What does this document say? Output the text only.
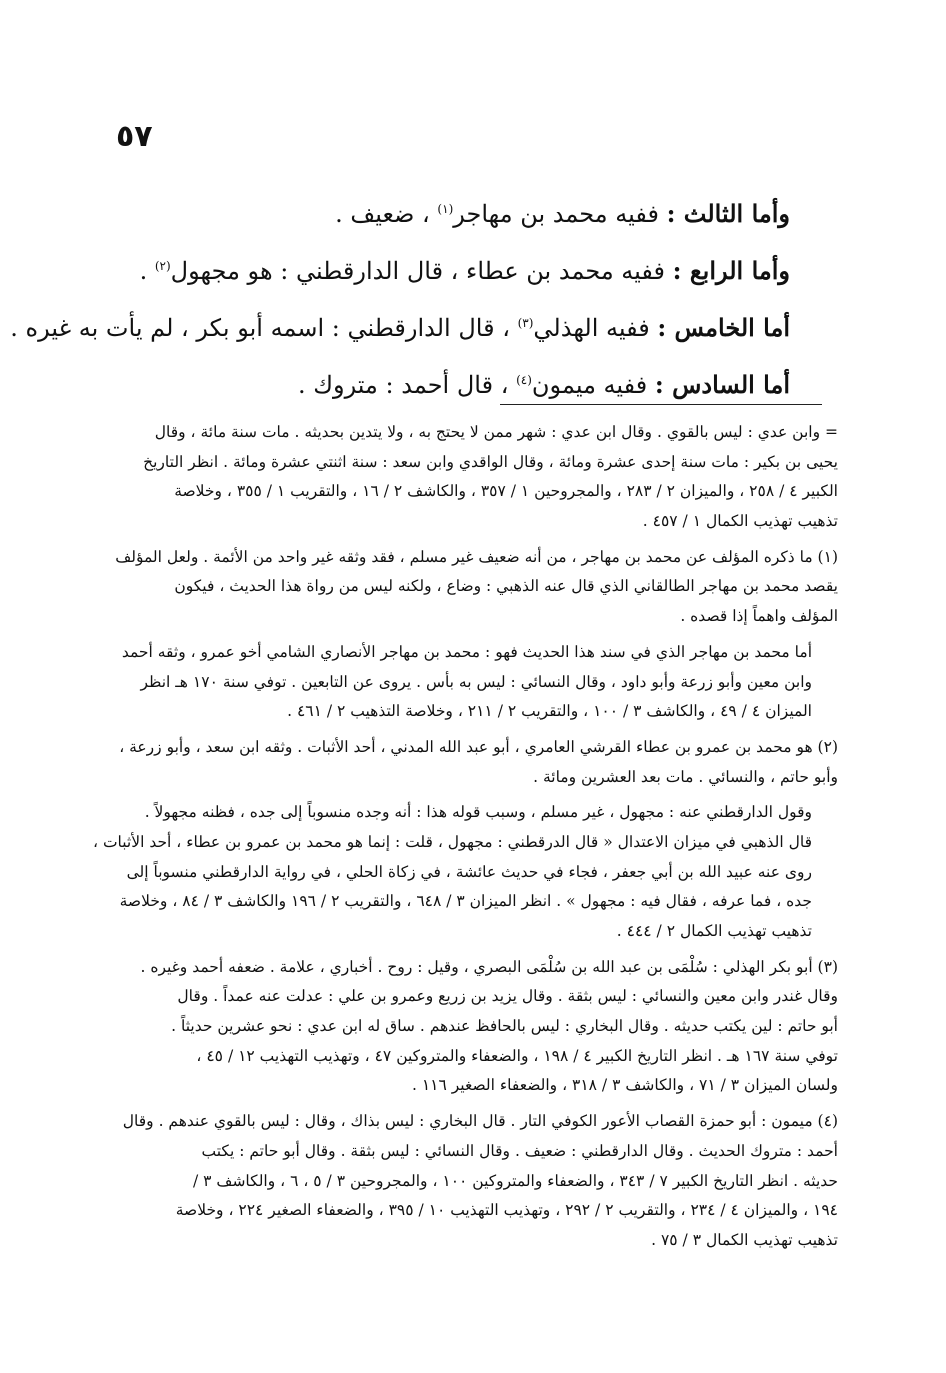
٥٧
وأما الثالث : ففيه محمد بن مهاجر$^{(١)}$ ، ضعيف .
وأما الرابع : ففيه محمد بن عطاء ، قال الدارقطني : هو مجهول$^{(٢)}$ .
أما الخامس : ففيه الهذلي$^{(٣)}$ ، قال الدارقطني : اسمه أبو بكر ، لم يأت به غيره .
أما السادس : ففيه ميمون$^{(٤)}$ ، قال أحمد : متروك .
= وابن عدي : ليس بالقوي . وقال ابن عدي : شهر ممن لا يحتج به ، ولا يتدين بحديثه . مات سنة مائة ، وقال
يحيى بن بكير : مات سنة إحدى عشرة ومائة ، وقال الواقدي وابن سعد : سنة اثنتي عشرة ومائة . انظر التاريخ
الكبير ٤ / ٢٥٨ ، والميزان ٢ / ٢٨٣ ، والمجروحين ١ / ٣٥٧ ، والكاشف ٢ / ١٦ ، والتقريب ١ / ٣٥٥ ، وخلاصة
تذهيب تهذيب الكمال ١ / ٤٥٧ .
(١) ما ذكره المؤلف عن محمد بن مهاجر ، من أنه ضعيف غير مسلم ، فقد وثقه غير واحد من الأئمة . ولعل المؤلف
يقصد محمد بن مهاجر الطالقاني الذي قال عنه الذهبي : وضاع ، ولكنه ليس من رواة هذا الحديث ، فيكون
المؤلف واهماً إذا قصده .
أما محمد بن مهاجر الذي في سند هذا الحديث فهو : محمد بن مهاجر الأنصاري الشامي أخو عمرو ، وثقه أحمد
وابن معين وأبو زرعة وأبو داود ، وقال النسائي : ليس به بأس . يروى عن التابعين . توفي سنة ١٧٠ هـ انظر
الميزان ٤ / ٤٩ ، والكاشف ٣ / ١٠٠ ، والتقريب ٢ / ٢١١ ، وخلاصة التذهيب ٢ / ٤٦١ .
(٢) هو محمد بن عمرو بن عطاء القرشي العامري ، أبو عبد الله المدني ، أحد الأثبات . وثقه ابن سعد ، وأبو زرعة ،
وأبو حاتم ، والنسائي . مات بعد العشرين ومائة .
وقول الدارقطني عنه : مجهول ، غير مسلم ، وسبب قوله هذا : أنه وجده منسوباً إلى جده ، فظنه مجهولاً .
قال الذهبي في ميزان الاعتدال « قال الدرقطني : مجهول ، قلت : إنما هو محمد بن عمرو بن عطاء ، أحد الأثبات ،
روى عنه عبيد الله بن أبي جعفر ، فجاء في حديث عائشة ، في زكاة الحلي ، في رواية الدارقطني منسوباً إلى
جده ، فما عرفه ، فقال فيه : مجهول » . انظر الميزان ٣ / ٦٤٨ ، والتقريب ٢ / ١٩٦ والكاشف ٣ / ٨٤ ، وخلاصة
تذهيب تهذيب الكمال ٢ / ٤٤٤ .
(٣) أبو بكر الهذلي : سُلْمَى بن عبد الله بن سُلْمَى البصري ، وقيل : روح . أخباري ، علامة . ضعفه أحمد وغيره .
وقال غندر وابن معين والنسائي : ليس بثقة . وقال يزيد بن زريع وعمرو بن علي : عدلت عنه عمداً . وقال
أبو حاتم : لين يكتب حديثه . وقال البخاري : ليس بالحافظ عندهم . ساق له ابن عدي : نحو عشرين حديثاً .
توفي سنة ١٦٧ هـ . انظر التاريخ الكبير ٤ / ١٩٨ ، والضعفاء والمتروكين ٤٧ ، وتهذيب التهذيب ١٢ / ٤٥ ،
ولسان الميزان ٣ / ٧١ ، والكاشف ٣ / ٣١٨ ، والضعفاء الصغير ١١٦ .
(٤) ميمون : أبو حمزة القصاب الأعور الكوفي التار . قال البخاري : ليس بذاك ، وقال : ليس بالقوي عندهم . وقال
أحمد : متروك الحديث . وقال الدارقطني : ضعيف . وقال النسائي : ليس بثقة . وقال أبو حاتم : يكتب
حديثه . انظر التاريخ الكبير ٧ / ٣٤٣ ، والضعفاء والمتروكين ١٠٠ ، والمجروحين ٣ / ٥ ، ٦ ، والكاشف ٣ /
١٩٤ ، والميزان ٤ / ٢٣٤ ، والتقريب ٢ / ٢٩٢ ، وتهذيب التهذيب ١٠ / ٣٩٥ ، والضعفاء الصغير ٢٢٤ ، وخلاصة
تذهيب تهذيب الكمال ٣ / ٧٥ .
